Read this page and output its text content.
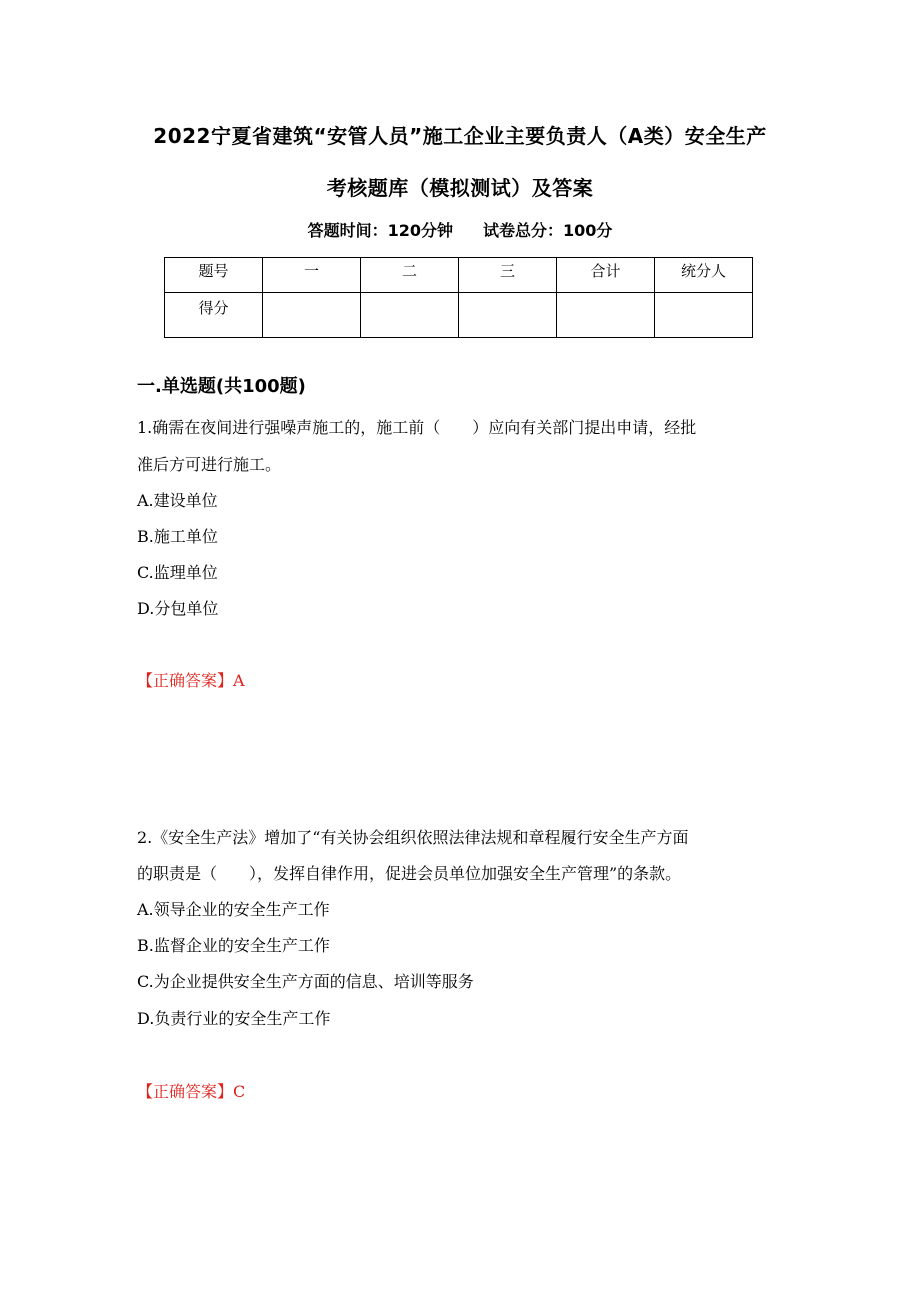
2022宁夏省建筑“安管人员”施工企业主要负责人（A类）安全生产
考核题库（模拟测试）及答案
答题时间：120分钟 试卷总分：100分
题号	一	二	三	合计	统分人
得分					
一.单选题(共100题)
1.确需在夜间进行强噪声施工的，施工前（　　）应向有关部门提出申请，经批
准后方可进行施工。
A.建设单位
B.施工单位
C.监理单位
D.分包单位
【正确答案】A
2.《安全生产法》增加了“有关协会组织依照法律法规和章程履行安全生产方面
的职责是（　　），发挥自律作用，促进会员单位加强安全生产管理”的条款。
A.领导企业的安全生产工作
B.监督企业的安全生产工作
C.为企业提供安全生产方面的信息、培训等服务
D.负责行业的安全生产工作
【正确答案】C
